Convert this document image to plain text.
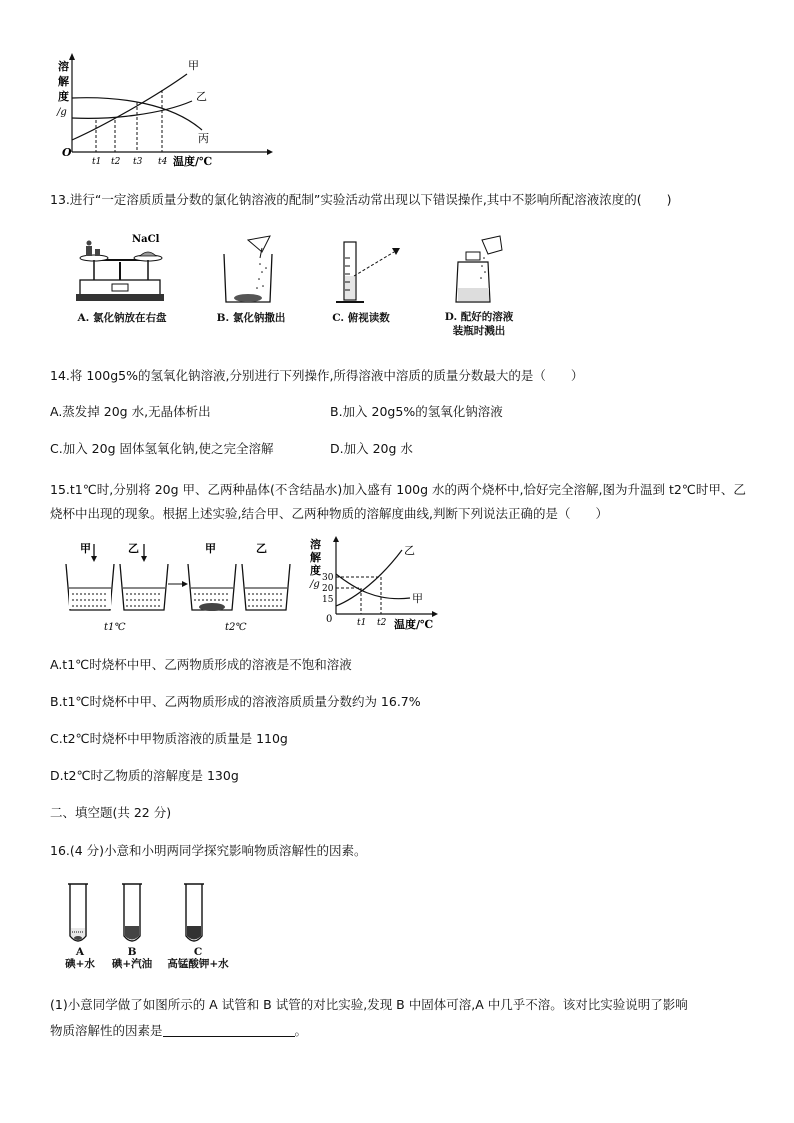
溶
解
度
/g
O
t1 t2 t3 t4 温度/℃
甲
乙
丙
13.进行“一定溶质质量分数的氯化钠溶液的配制”实验活动常出现以下错误操作,其中不影响所配溶液浓度的(　　)
NaCl
A. 氯化钠放在右盘	B. 氯化钠撒出	C. 俯视读数	D. 配好的溶液
装瓶时溅出
14.将 100g5%的氢氧化钠溶液,分别进行下列操作,所得溶液中溶质的质量分数最大的是（　　）
A.蒸发掉 20g 水,无晶体析出	B.加入 20g5%的氢氧化钠溶液
C.加入 20g 固体氢氧化钠,使之完全溶解	D.加入 20g 水
15.t1℃时,分别将 20g 甲、乙两种晶体(不含结晶水)加入盛有 100g 水的两个烧杯中,恰好完全溶解,图为升温到 t2℃时甲、乙烧杯中出现的现象。根据上述实验,结合甲、乙两种物质的溶解度曲线,判断下列说法正确的是（　　）
甲	乙	甲	乙
t1℃	t2℃
溶
解
度
/g
30
20
15
0
乙
甲
t1 t2 温度/℃
A.t1℃时烧杯中甲、乙两物质形成的溶液是不饱和溶液
B.t1℃时烧杯中甲、乙两物质形成的溶液溶质质量分数约为 16.7%
C.t2℃时烧杯中甲物质溶液的质量是 110g
D.t2℃时乙物质的溶解度是 130g
二、填空题(共 22 分)
16.(4 分)小意和小明两同学探究影响物质溶解性的因素。
A
碘+水
B
碘+汽油
C
高锰酸钾+水
(1)小意同学做了如图所示的 A 试管和 B 试管的对比实验,发现 B 中固体可溶,A 中几乎不溶。该对比实验说明了影响
物质溶解性的因素是	。
